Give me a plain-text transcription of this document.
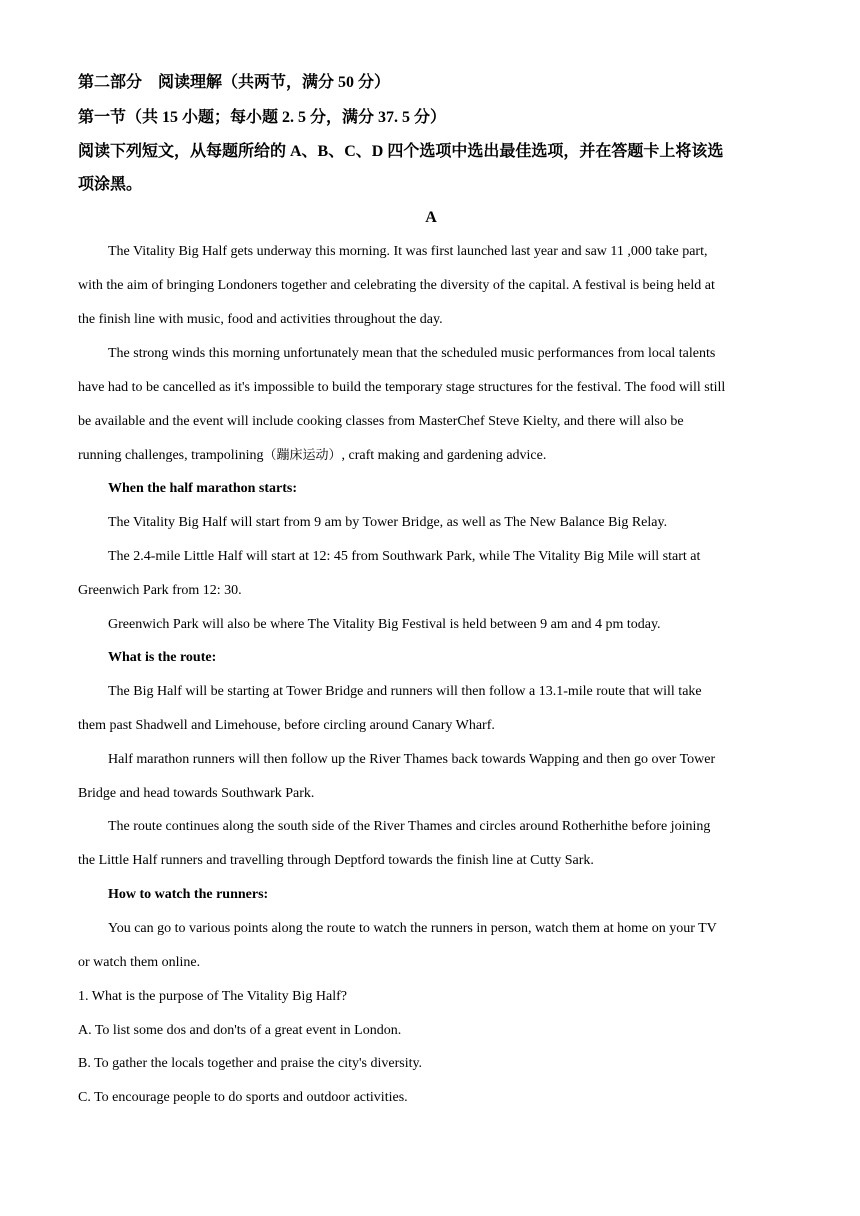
第二部分　阅读理解（共两节，满分 50 分）
第一节（共 15 小题；每小题 2. 5 分，满分 37. 5 分）
阅读下列短文，从每题所给的 A、B、C、D 四个选项中选出最佳选项，并在答题卡上将该选
项涂黑。
A
The Vitality Big Half gets underway this morning. It was first launched last year and saw 11 ,000 take part,
with the aim of bringing Londoners together and celebrating the diversity of the capital. A festival is being held at
the finish line with music, food and activities throughout the day.
The strong winds this morning unfortunately mean that the scheduled music performances from local talents
have had to be cancelled as it's impossible to build the temporary stage structures for the festival. The food will still
be available and the event will include cooking classes from MasterChef Steve Kielty, and there will also be
running challenges, trampolining（蹦床运动）, craft making and gardening advice.
When the half marathon starts:
The Vitality Big Half will start from 9 am by Tower Bridge, as well as The New Balance Big Relay.
The 2.4-mile Little Half will start at 12: 45 from Southwark Park, while The Vitality Big Mile will start at
Greenwich Park from 12: 30.
Greenwich Park will also be where The Vitality Big Festival is held between 9 am and 4 pm today.
What is the route:
The Big Half will be starting at Tower Bridge and runners will then follow a 13.1-mile route that will take
them past Shadwell and Limehouse, before circling around Canary Wharf.
Half marathon runners will then follow up the River Thames back towards Wapping and then go over Tower
Bridge and head towards Southwark Park.
The route continues along the south side of the River Thames and circles around Rotherhithe before joining
the Little Half runners and travelling through Deptford towards the finish line at Cutty Sark.
How to watch the runners:
You can go to various points along the route to watch the runners in person, watch them at home on your TV
or watch them online.
1. What is the purpose of The Vitality Big Half?
A. To list some dos and don'ts of a great event in London.
B. To gather the locals together and praise the city's diversity.
C. To encourage people to do sports and outdoor activities.
